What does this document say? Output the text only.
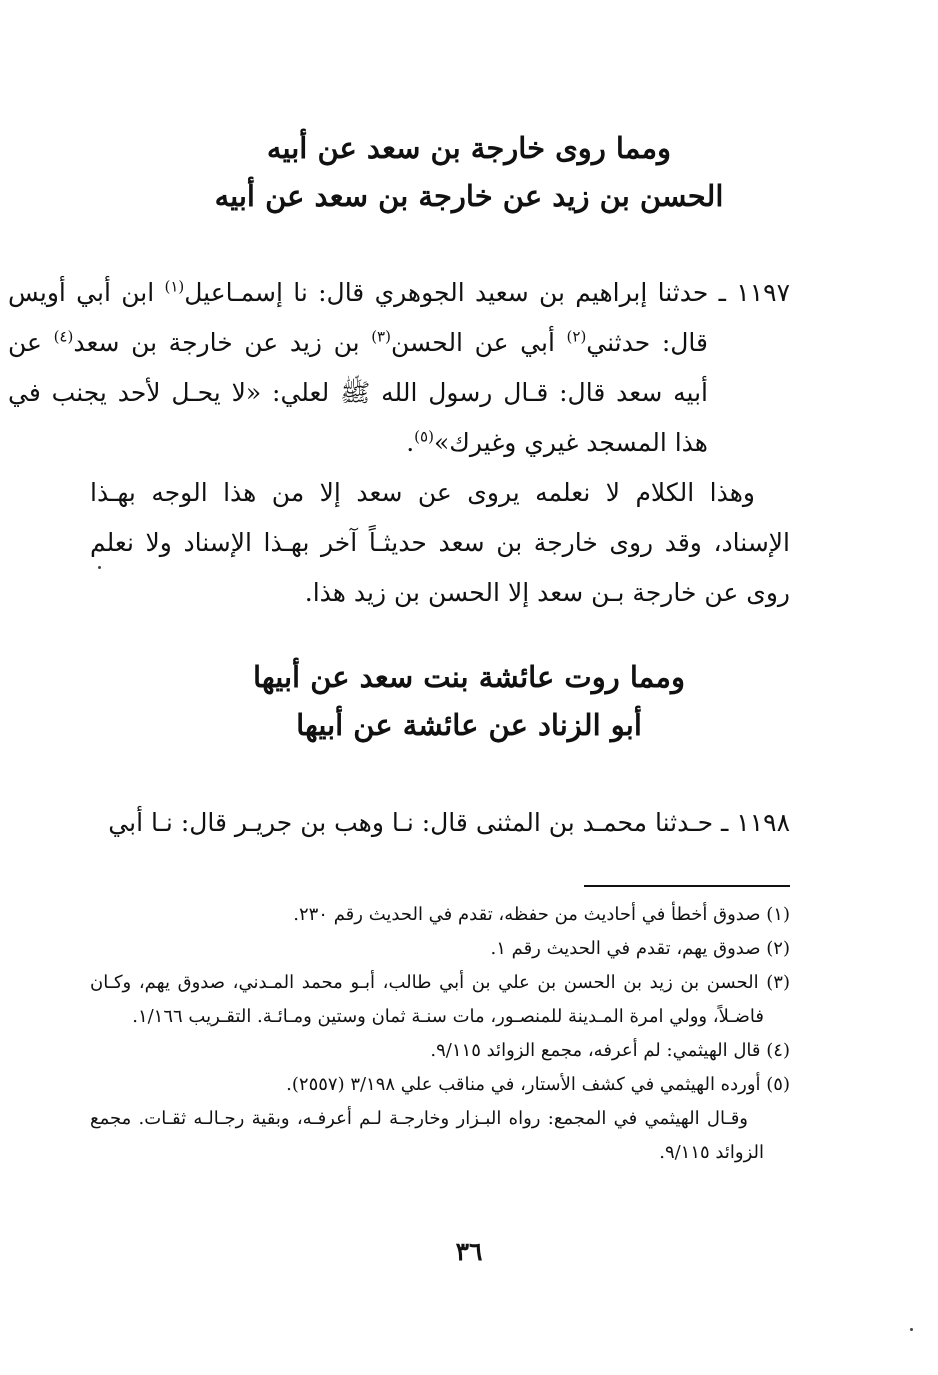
ومما روى خارجة بن سعد عن أبيه
الحسن بن زيد عن خارجة بن سعد عن أبيه

١١٩٧ ـ حدثنا إبراهيم بن سعيد الجوهري قال: نا إسمـاعيل$^{(١)}$ ابن أبي أويس قال: حدثني$^{(٢)}$ أبي عن الحسن$^{(٣)}$ بن زيد عن خارجة بن سعد$^{(٤)}$ عن أبيه سعد قال: قـال رسول الله ﷺ لعلي: «لا يحـل لأحد يجنب في هذا المسجد غيري وغيرك»$^{(٥)}$.

وهذا الكلام لا نعلمه يروى عن سعد إلا من هذا الوجه بهـذا الإسناد، وقد روى خارجة بن سعد حديثـاً آخر بهـذا الإسناد ولا نعلم روى عن خارجة بـن سعد إلا الحسن بن زيد هذا.

ومما روت عائشة بنت سعد عن أبيها
أبو الزناد عن عائشة عن أبيها

١١٩٨ ـ حـدثنا محمـد بن المثنى قال: نـا وهب بن جريـر قال: نـا أبي

(١) صدوق أخطأ في أحاديث من حفظه، تقدم في الحديث رقم ٢٣٠.
(٢) صدوق يهم، تقدم في الحديث رقم ١.
(٣) الحسن بن زيد بن الحسن بن علي بن أبي طالب، أبـو محمد المـدني، صدوق يهم، وكـان فاضـلاً، وولي امرة المـدينة للمنصـور، مات سنـة ثمان وستين ومـائـة. التقـريب ١/١٦٦.
(٤) قال الهيثمي: لم أعرفه، مجمع الزوائد ٩/١١٥.
(٥) أورده الهيثمي في كشف الأستار، في مناقب علي ٣/١٩٨ (٢٥٥٧).
وقـال الهيثمي في المجمع: رواه البـزار وخارجـة لـم أعرفـه، وبقية رجـالـه ثقـات. مجمع الزوائد ٩/١١٥.
٣٦
